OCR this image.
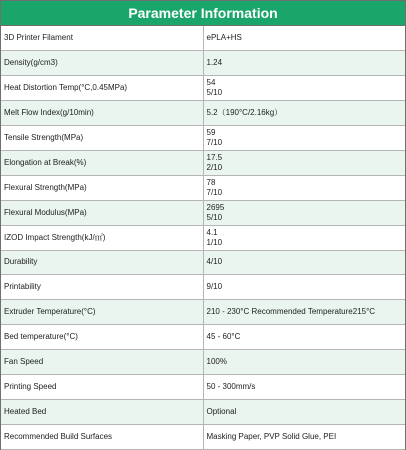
Parameter Information
3D Printer Filament	ePLA+HS

Density(g/cm3)	1.24

Heat Distortion Temp(°C,0.45MPa)	54
5/10

Melt Flow Index(g/10min)	5.2（190°C/2.16kg）

Tensile Strength(MPa)	59
7/10

Elongation at Break(%)	17.5
2/10

Flexural Strength(MPa)	78
7/10

Flexural Modulus(MPa)	2695
5/10

IZOD Impact Strength(kJ/㎡)	4.1
1/10

Durability	4/10

Printability	9/10

Extruder Temperature(°C)	210 - 230°C Recommended Temperature215°C

Bed temperature(°C)	45 - 60°C

Fan Speed	100%

Printing Speed	50 - 300mm/s

Heated Bed	Optional

Recommended Build Surfaces	Masking Paper, PVP Solid Glue, PEI
